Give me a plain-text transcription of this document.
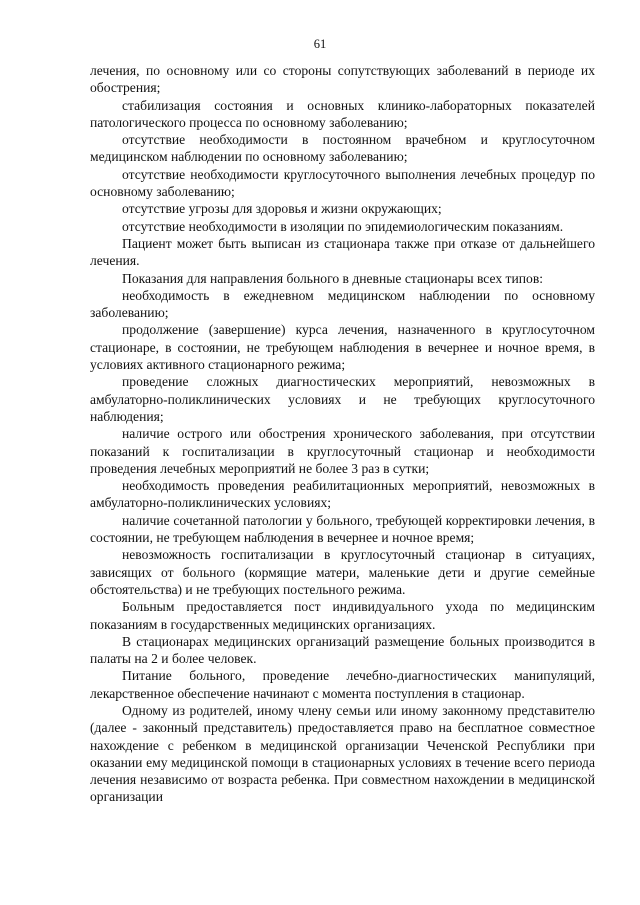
61

лечения, по основному или со стороны сопутствующих заболеваний в периоде их обострения;

стабилизация состояния и основных клинико-лабораторных показателей патологического процесса по основному заболеванию;

отсутствие необходимости в постоянном врачебном и круглосуточном медицинском наблюдении по основному заболеванию;

отсутствие необходимости круглосуточного выполнения лечебных процедур по основному заболеванию;

отсутствие угрозы для здоровья и жизни окружающих;

отсутствие необходимости в изоляции по эпидемиологическим показаниям.

Пациент может быть выписан из стационара также при отказе от дальнейшего лечения.

Показания для направления больного в дневные стационары всех типов:

необходимость в ежедневном медицинском наблюдении по основному заболеванию;

продолжение (завершение) курса лечения, назначенного в круглосуточном стационаре, в состоянии, не требующем наблюдения в вечернее и ночное время, в условиях активного стационарного режима;

проведение сложных диагностических мероприятий, невозможных в амбулаторно-поликлинических условиях и не требующих круглосуточного наблюдения;

наличие острого или обострения хронического заболевания, при отсутствии показаний к госпитализации в круглосуточный стационар и необходимости проведения лечебных мероприятий не более 3 раз в сутки;

необходимость проведения реабилитационных мероприятий, невозможных в амбулаторно-поликлинических условиях;

наличие сочетанной патологии у больного, требующей корректировки лечения, в состоянии, не требующем наблюдения в вечернее и ночное время;

невозможность госпитализации в круглосуточный стационар в ситуациях, зависящих от больного (кормящие матери, маленькие дети и другие семейные обстоятельства) и не требующих постельного режима.

Больным предоставляется пост индивидуального ухода по медицинским показаниям в государственных медицинских организациях.

В стационарах медицинских организаций размещение больных производится в палаты на 2 и более человек.

Питание больного, проведение лечебно-диагностических манипуляций, лекарственное обеспечение начинают с момента поступления в стационар.

Одному из родителей, иному члену семьи или иному законному представителю (далее - законный представитель) предоставляется право на бесплатное совместное нахождение с ребенком в медицинской организации Чеченской Республики при оказании ему медицинской помощи в стационарных условиях в течение всего периода лечения независимо от возраста ребенка. При совместном нахождении в медицинской организации
